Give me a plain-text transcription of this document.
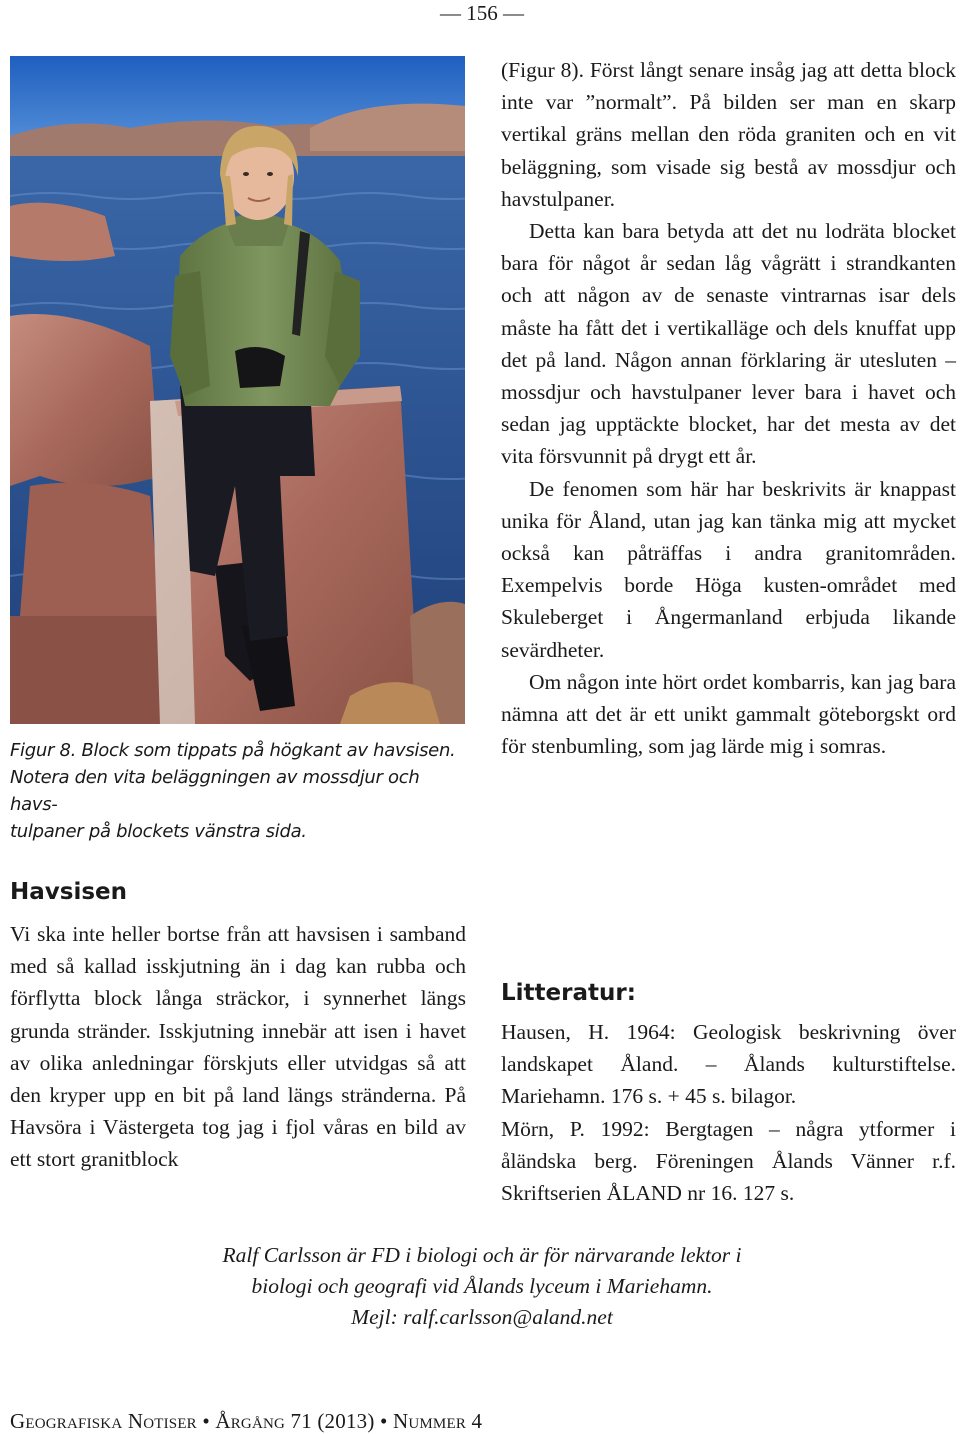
— 156 —

Figur 8. Block som tippats på högkant av havsisen.

Notera den vita beläggningen av mossdjur och havs-

tulpaner på blockets vänstra sida.

Havsisen

Vi ska inte heller bortse från att havsisen i samband med så kallad isskjutning än i dag kan rubba och förflytta block långa sträckor, i synnerhet längs grunda stränder. Isskjutning innebär att isen i havet av olika anledningar förskjuts eller utvidgas så att den kryper upp en bit på land längs stränderna. På Havsöra i Västergeta tog jag i fjol våras en bild av ett stort granitblock

(Figur 8). Först långt senare insåg jag att detta block inte var ”normalt”. På bilden ser man en skarp vertikal gräns mellan den röda graniten och en vit beläggning, som visade sig bestå av mossdjur och havstulpaner.

Detta kan bara betyda att det nu lodräta blocket bara för något år sedan låg vågrätt i strandkanten och att någon av de senaste vintrarnas isar dels måste ha fått det i vertikalläge och dels knuffat upp det på land. Någon annan förklaring är utesluten – mossdjur och havstulpaner lever bara i havet och sedan jag upptäckte blocket, har det mesta av det vita försvunnit på drygt ett år.

De fenomen som här har beskrivits är knappast unika för Åland, utan jag kan tänka mig att mycket också kan påträffas i andra granitområden. Exempelvis borde Höga kusten-området med Skuleberget i Ångermanland erbjuda likande sevärdheter.

Om någon inte hört ordet kombarris, kan jag bara nämna att det är ett unikt gammalt göteborgskt ord för stenbumling, som jag lärde mig i somras.

Litteratur:

Hausen, H. 1964: Geologisk beskrivning över landskapet Åland. – Ålands kulturstiftelse. Mariehamn. 176 s. + 45 s. bilagor.

Mörn, P. 1992: Bergtagen – några ytformer i åländska berg. Föreningen Ålands Vänner r.f. Skriftserien ÅLAND nr 16. 127 s.

Ralf Carlsson är FD i biologi och är för närvarande lektor i

biologi och geografi vid Ålands lyceum i Mariehamn.

Mejl: ralf.carlsson@aland.net

Geografiska Notiser • Årgång 71 (2013) • Nummer 4
